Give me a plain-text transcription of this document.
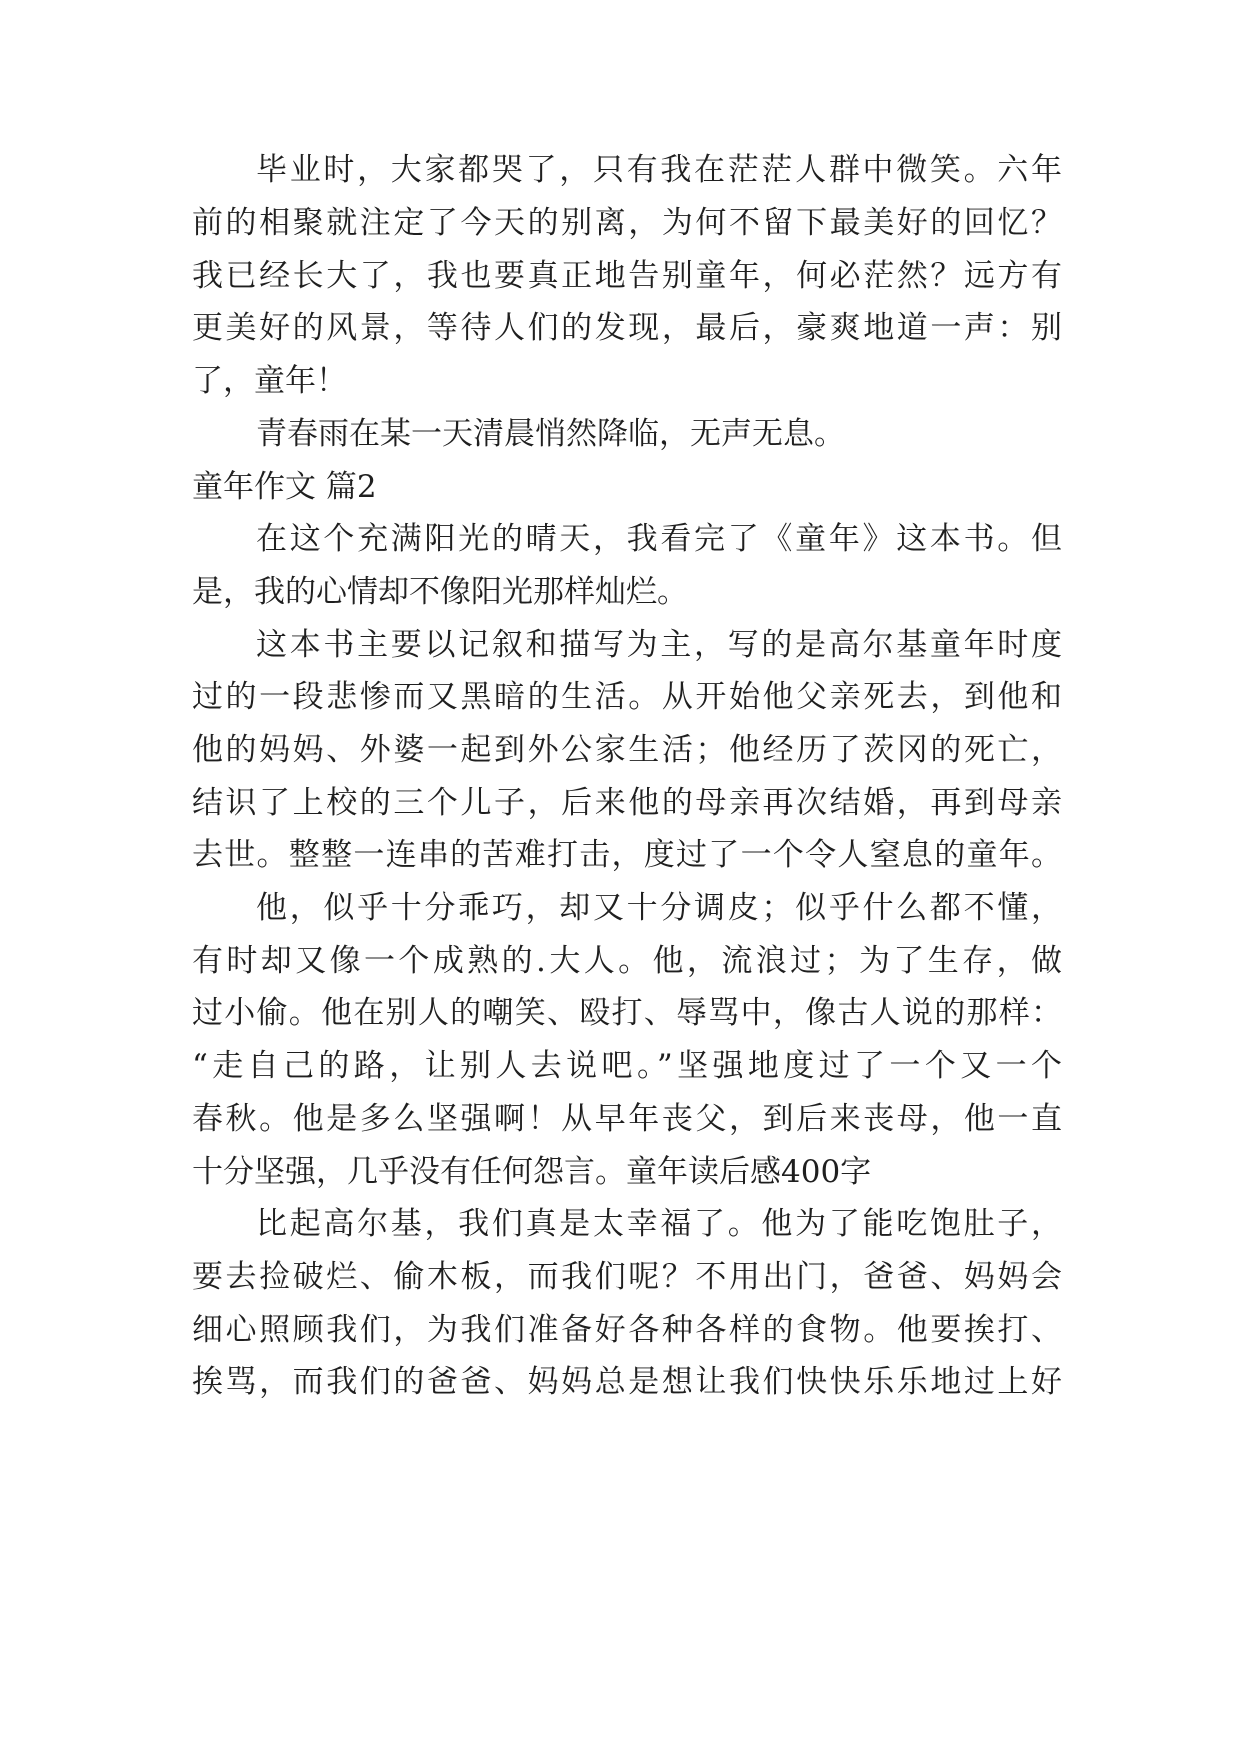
毕业时，大家都哭了，只有我在茫茫人群中微笑。六年
前的相聚就注定了今天的别离，为何不留下最美好的回忆？
我已经长大了，我也要真正地告别童年，何必茫然？远方有
更美好的风景，等待人们的发现，最后，豪爽地道一声：别
了，童年！
青春雨在某一天清晨悄然降临，无声无息。
童年作文 篇2
在这个充满阳光的晴天，我看完了《童年》这本书。但
是，我的心情却不像阳光那样灿烂。
这本书主要以记叙和描写为主，写的是高尔基童年时度
过的一段悲惨而又黑暗的生活。从开始他父亲死去，到他和
他的妈妈、外婆一起到外公家生活；他经历了茨冈的死亡，
结识了上校的三个儿子，后来他的母亲再次结婚，再到母亲
去世。整整一连串的苦难打击，度过了一个令人窒息的童年。
他，似乎十分乖巧，却又十分调皮；似乎什么都不懂，
有时却又像一个成熟的.大人。他，流浪过；为了生存，做
过小偷。他在别人的嘲笑、殴打、辱骂中，像古人说的那样：
“走自己的路，让别人去说吧。”坚强地度过了一个又一个
春秋。他是多么坚强啊！从早年丧父，到后来丧母，他一直
十分坚强，几乎没有任何怨言。童年读后感400字
比起高尔基，我们真是太幸福了。他为了能吃饱肚子，
要去捡破烂、偷木板，而我们呢？不用出门，爸爸、妈妈会
细心照顾我们，为我们准备好各种各样的食物。他要挨打、
挨骂，而我们的爸爸、妈妈总是想让我们快快乐乐地过上好
